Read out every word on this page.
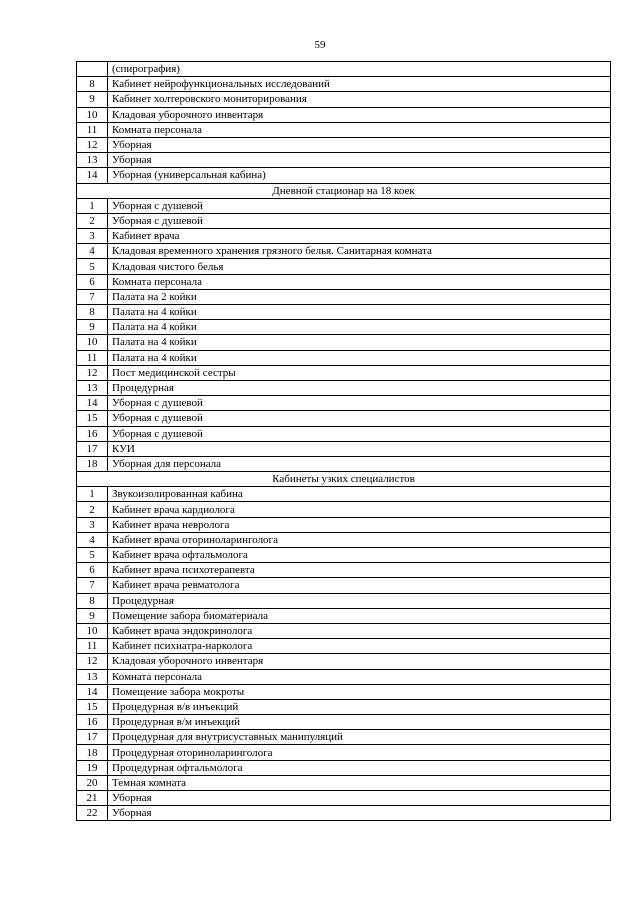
59
	(спирография)
8	Кабинет нейрофункциональных исследований
9	Кабинет холтеровского мониторирования
10	Кладовая уборочного инвентаря
11	Комната персонала
12	Уборная
13	Уборная
14	Уборная (универсальная кабина)
Дневной стационар на 18 коек	
1	Уборная с душевой
2	Уборная с душевой
3	Кабинет врача
4	Кладовая временного хранения грязного белья. Санитарная комната
5	Кладовая чистого белья
6	Комната персонала
7	Палата на 2 койки
8	Палата на 4 койки
9	Палата на 4 койки
10	Палата на 4 койки
11	Палата на 4 койки
12	Пост медицинской сестры
13	Процедурная
14	Уборная с душевой
15	Уборная с душевой
16	Уборная с душевой
17	КУИ
18	Уборная для персонала
Кабинеты узких специалистов	
1	Звукоизолированная кабина
2	Кабинет врача кардиолога
3	Кабинет врача невролога
4	Кабинет врача оториноларинголога
5	Кабинет врача офтальмолога
6	Кабинет врача психотерапевта
7	Кабинет врача ревматолога
8	Процедурная
9	Помещение забора биоматериала
10	Кабинет врача эндокринолога
11	Кабинет психиатра-нарколога
12	Кладовая уборочного инвентаря
13	Комната персонала
14	Помещение забора мокроты
15	Процедурная в/в инъекций
16	Процедурная в/м инъекций
17	Процедурная для внутрисуставных манипуляций
18	Процедурная оториноларинголога
19	Процедурная офтальмолога
20	Темная комната
21	Уборная
22	Уборная
